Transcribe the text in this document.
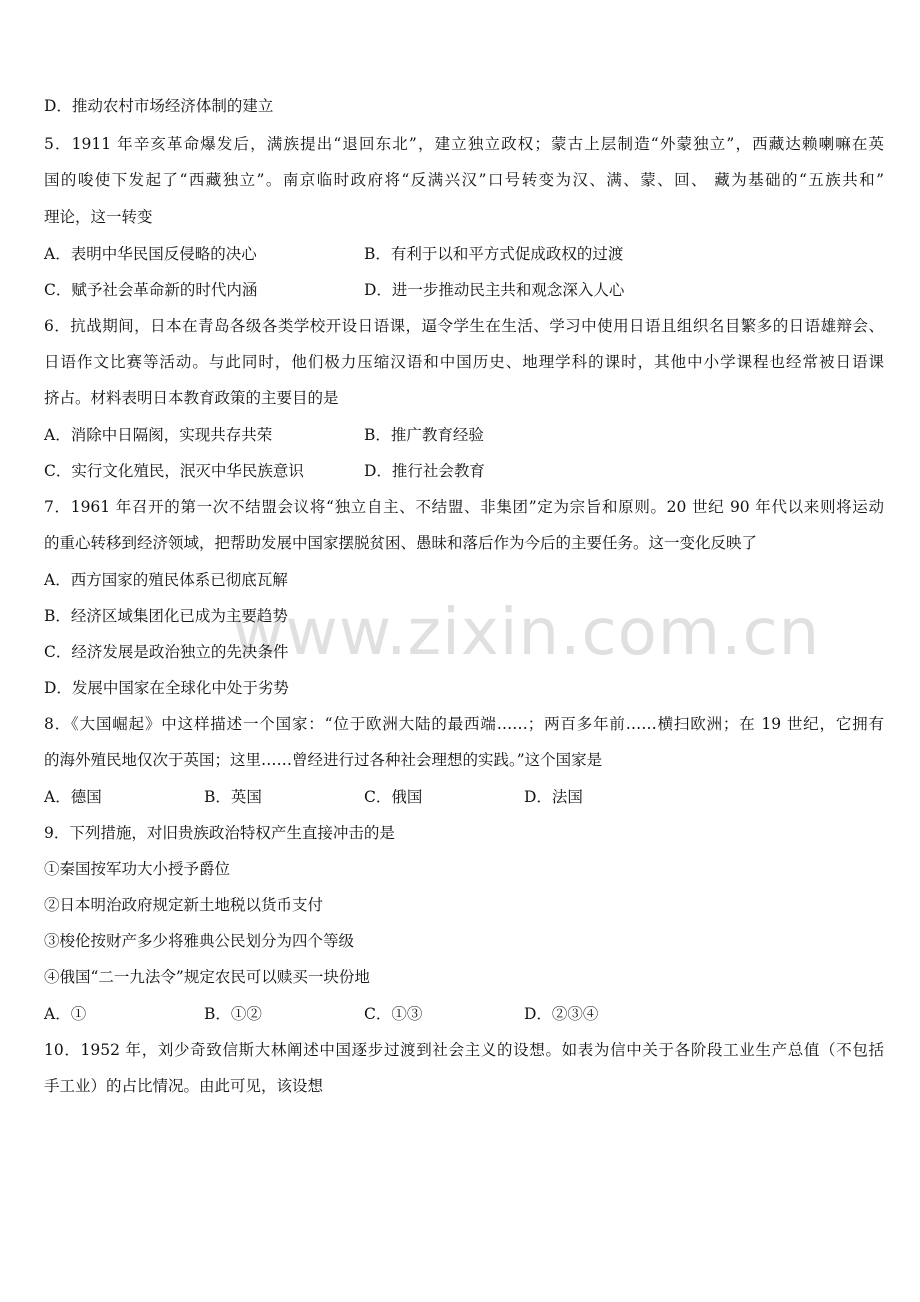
www.zixin.com.cn
D．推动农村市场经济体制的建立
5．1911 年辛亥革命爆发后，满族提出“退回东北”，建立独立政权；蒙古上层制造“外蒙独立”，西藏达赖喇嘛在英
国的唆使下发起了“西藏独立”。南京临时政府将“反满兴汉”口号转变为汉、满、蒙、回、 藏为基础的“五族共和”
理论，这一转变
A．表明中华民国反侵略的决心	B．有利于以和平方式促成政权的过渡
C．赋予社会革命新的时代内涵	D．进一步推动民主共和观念深入人心
6．抗战期间，日本在青岛各级各类学校开设日语课，逼令学生在生活、学习中使用日语且组织名目繁多的日语雄辩会、
日语作文比赛等活动。与此同时，他们极力压缩汉语和中国历史、地理学科的课时，其他中小学课程也经常被日语课
挤占。材料表明日本教育政策的主要目的是
A．消除中日隔阂，实现共存共荣	B．推广教育经验
C．实行文化殖民，泯灭中华民族意识	D．推行社会教育
7．1961 年召开的第一次不结盟会议将“独立自主、不结盟、非集团”定为宗旨和原则。20 世纪 90 年代以来则将运动
的重心转移到经济领域，把帮助发展中国家摆脱贫困、愚昧和落后作为今后的主要任务。这一变化反映了
A．西方国家的殖民体系已彻底瓦解
B．经济区域集团化已成为主要趋势
C．经济发展是政治独立的先决条件
D．发展中国家在全球化中处于劣势
8．《大国崛起》中这样描述一个国家：“位于欧洲大陆的最西端……；两百多年前……横扫欧洲；在 19 世纪，它拥有
的海外殖民地仅次于英国；这里……曾经进行过各种社会理想的实践。”这个国家是
A．德国	B．英国	C．俄国	D．法国
9．下列措施，对旧贵族政治特权产生直接冲击的是
①秦国按军功大小授予爵位
②日本明治政府规定新土地税以货币支付
③梭伦按财产多少将雅典公民划分为四个等级
④俄国“二一九法令”规定农民可以赎买一块份地
A．①	B．①②	C．①③	D．②③④
10．1952 年，刘少奇致信斯大林阐述中国逐步过渡到社会主义的设想。如表为信中关于各阶段工业生产总值（不包括
手工业）的占比情况。由此可见，该设想
